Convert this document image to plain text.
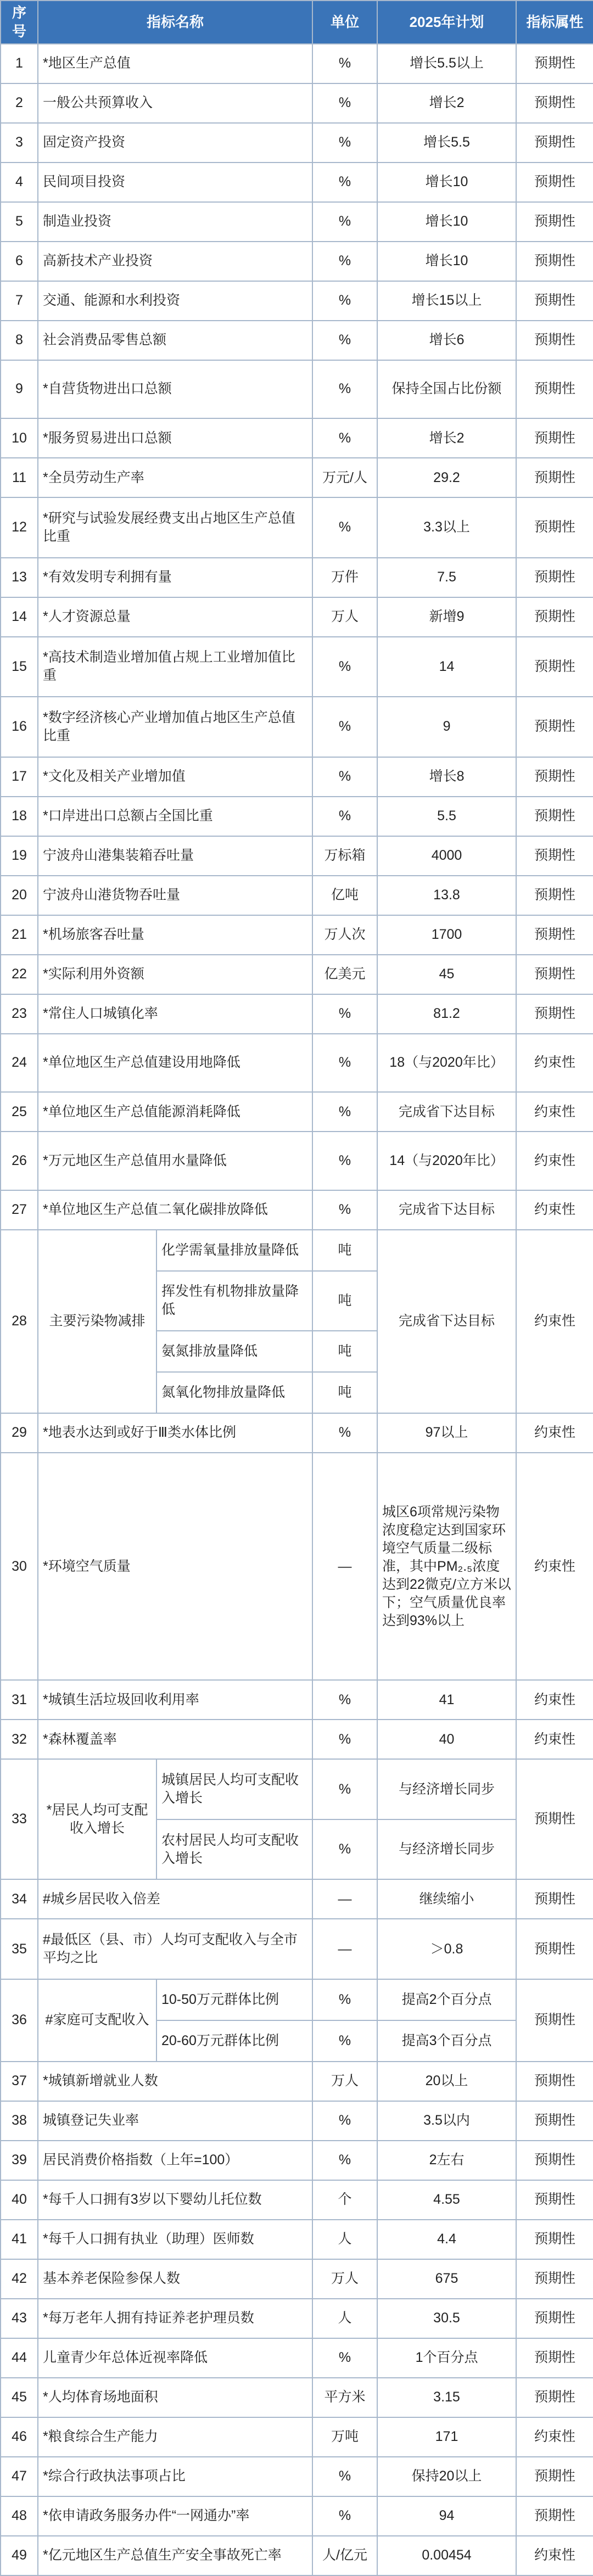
序号	指标名称		单位	2025年计划	指标属性
1	*地区生产总值		%	增长5.5以上	预期性
2	一般公共预算收入		%	增长2	预期性
3	固定资产投资		%	增长5.5	预期性
4	民间项目投资		%	增长10	预期性
5	制造业投资		%	增长10	预期性
6	高新技术产业投资		%	增长10	预期性
7	交通、能源和水利投资		%	增长15以上	预期性
8	社会消费品零售总额		%	增长6	预期性
9	*自营货物进出口总额		%	保持全国占比份额	预期性
10	*服务贸易进出口总额		%	增长2	预期性
11	*全员劳动生产率		万元/人	29.2	预期性
12	*研究与试验发展经费支出占地区生产总值比重		%	3.3以上	预期性
13	*有效发明专利拥有量		万件	7.5	预期性
14	*人才资源总量		万人	新增9	预期性
15	*高技术制造业增加值占规上工业增加值比重		%	14	预期性
16	*数字经济核心产业增加值占地区生产总值比重		%	9	预期性
17	*文化及相关产业增加值		%	增长8	预期性
18	*口岸进出口总额占全国比重		%	5.5	预期性
19	宁波舟山港集装箱吞吐量		万标箱	4000	预期性
20	宁波舟山港货物吞吐量		亿吨	13.8	预期性
21	*机场旅客吞吐量		万人次	1700	预期性
22	*实际利用外资额		亿美元	45	预期性
23	*常住人口城镇化率		%	81.2	预期性
24	*单位地区生产总值建设用地降低		%	18（与2020年比）	约束性
25	*单位地区生产总值能源消耗降低		%	完成省下达目标	约束性
26	*万元地区生产总值用水量降低		%	14（与2020年比）	约束性
27	*单位地区生产总值二氧化碳排放降低		%	完成省下达目标	约束性
28	主要污染物减排	化学需氧量排放量降低	吨	完成省下达目标	约束性
		挥发性有机物排放量降低	吨		
		氨氮排放量降低	吨		
		氮氧化物排放量降低	吨		
29	*地表水达到或好于Ⅲ类水体比例		%	97以上	约束性
30	*环境空气质量		—	城区6项常规污染物浓度稳定达到国家环境空气质量二级标准，其中PM₂.₅浓度达到22微克/立方米以下；空气质量优良率达到93%以上	约束性
31	*城镇生活垃圾回收利用率		%	41	约束性
32	*森林覆盖率		%	40	约束性
33	*居民人均可支配收入增长	城镇居民人均可支配收入增长	%	与经济增长同步	预期性
		农村居民人均可支配收入增长	%	与经济增长同步	
34	#城乡居民收入倍差		—	继续缩小	预期性
35	#最低区（县、市）人均可支配收入与全市平均之比		—	＞0.8	预期性
36	#家庭可支配收入	10-50万元群体比例	%	提高2个百分点	预期性
		20-60万元群体比例	%	提高3个百分点	
37	*城镇新增就业人数		万人	20以上	预期性
38	城镇登记失业率		%	3.5以内	预期性
39	居民消费价格指数（上年=100）		%	2左右	预期性
40	*每千人口拥有3岁以下婴幼儿托位数		个	4.55	预期性
41	*每千人口拥有执业（助理）医师数		人	4.4	预期性
42	基本养老保险参保人数		万人	675	预期性
43	*每万老年人拥有持证养老护理员数		人	30.5	预期性
44	儿童青少年总体近视率降低		%	1个百分点	预期性
45	*人均体育场地面积		平方米	3.15	预期性
46	*粮食综合生产能力		万吨	171	约束性
47	*综合行政执法事项占比		%	保持20以上	预期性
48	*依申请政务服务办件“一网通办”率		%	94	预期性
49	*亿元地区生产总值生产安全事故死亡率		人/亿元	0.00454	约束性
